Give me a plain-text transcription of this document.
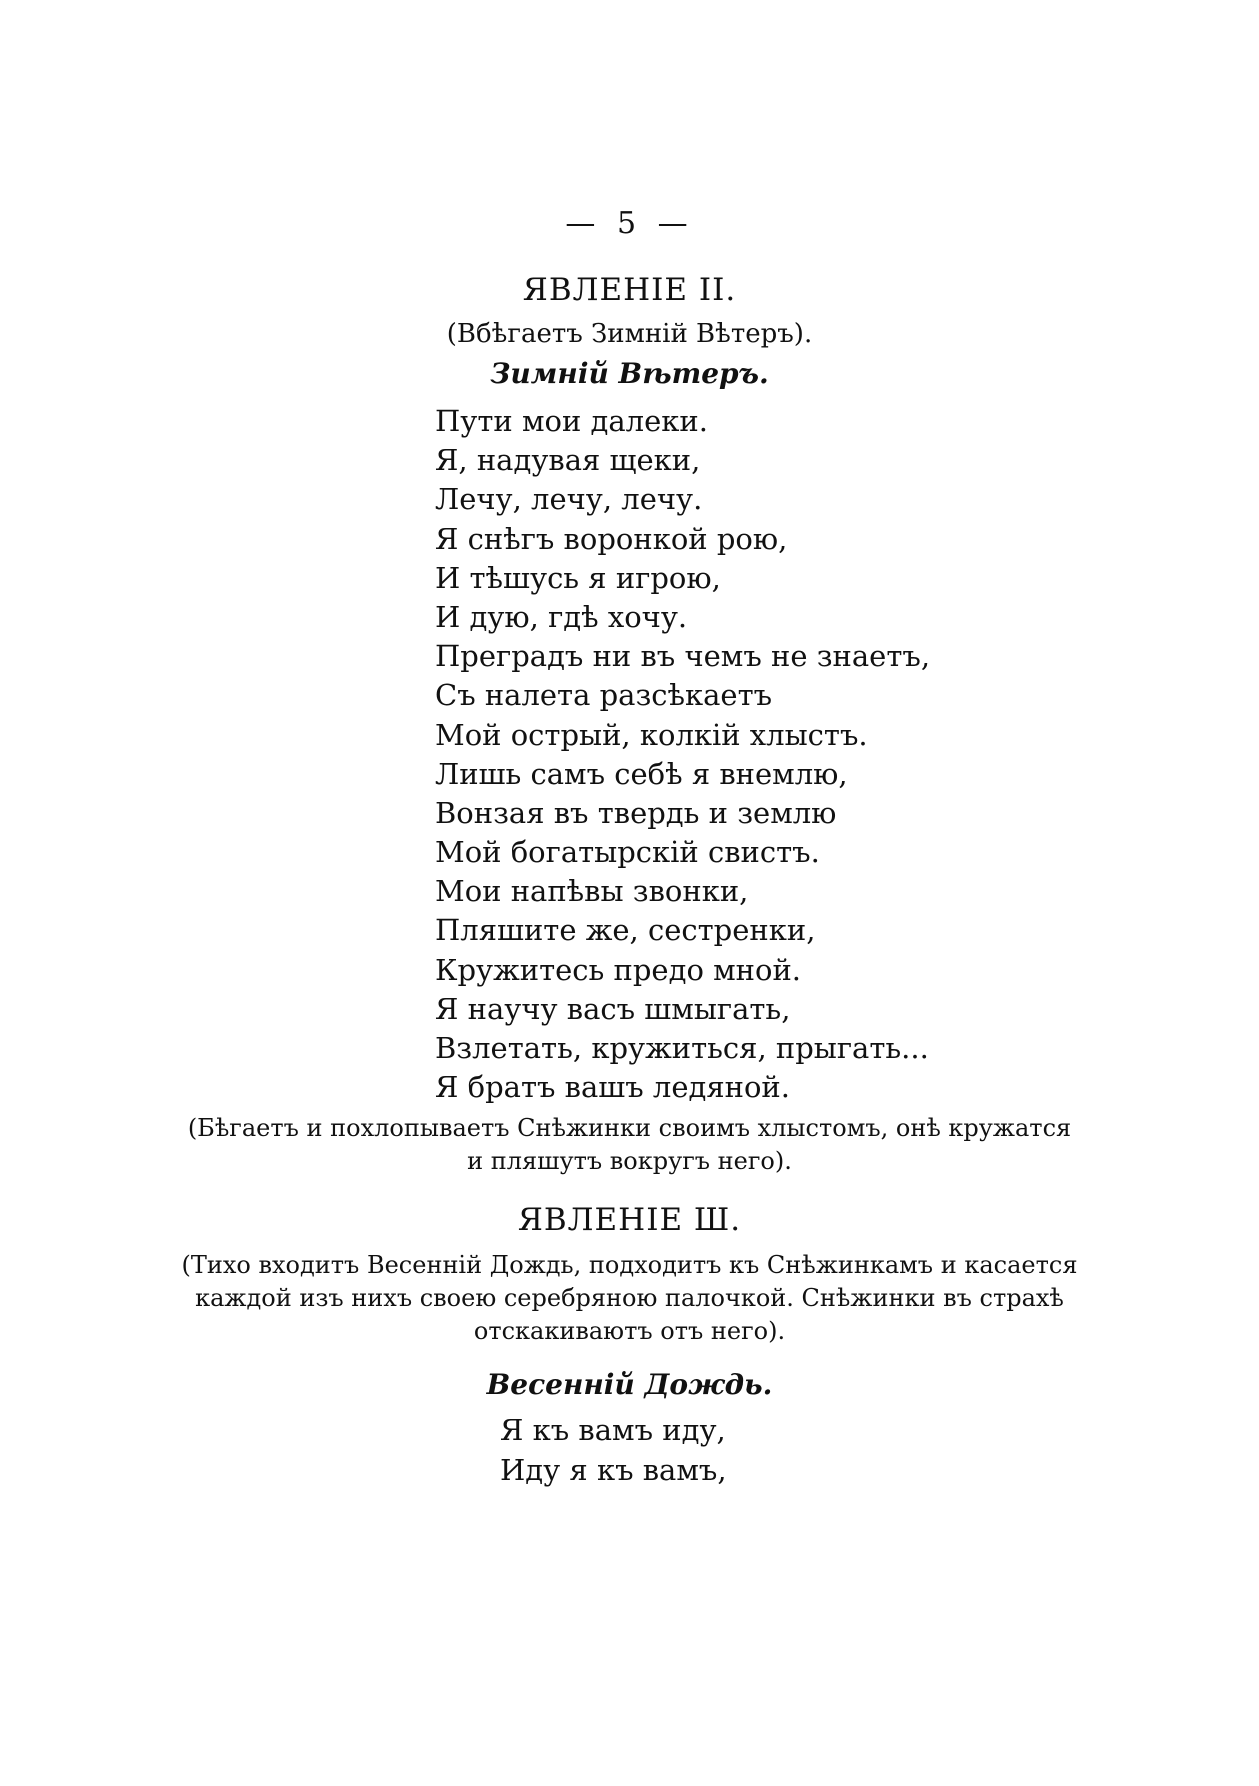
— 5 —
ЯВЛЕНІЕ II.
(Вбѣгаетъ Зимній Вѣтеръ).
Зимній Вѣтеръ.
Пути мои далеки.
Я, надувая щеки,
Лечу, лечу, лечу.
Я снѣгъ воронкой рою,
И тѣшусь я игрою,
И дую, гдѣ хочу.
Преградъ ни въ чемъ не знаетъ,
Съ налета разсѣкаетъ
Мой острый, колкій хлыстъ.
Лишь самъ себѣ я внемлю,
Вонзая въ твердь и землю
Мой богатырскій свистъ.
Мои напѣвы звонки,
Пляшите же, сестренки,
Кружитесь предо мной.
Я научу васъ шмыгать,
Взлетать, кружиться, прыгать...
Я братъ вашъ ледяной.
(Бѣгаетъ и похлопываетъ Снѣжинки своимъ хлыстомъ, онѣ кружатся
и пляшутъ вокругъ него).
ЯВЛЕНІЕ Ш.
(Тихо входитъ Весенній Дождь, подходитъ къ Снѣжинкамъ и касается
каждой изъ нихъ своею серебряною палочкой. Снѣжинки въ страхѣ
отскакиваютъ отъ него).
Весенній Дождь.
Я къ вамъ иду,
Иду я къ вамъ,
